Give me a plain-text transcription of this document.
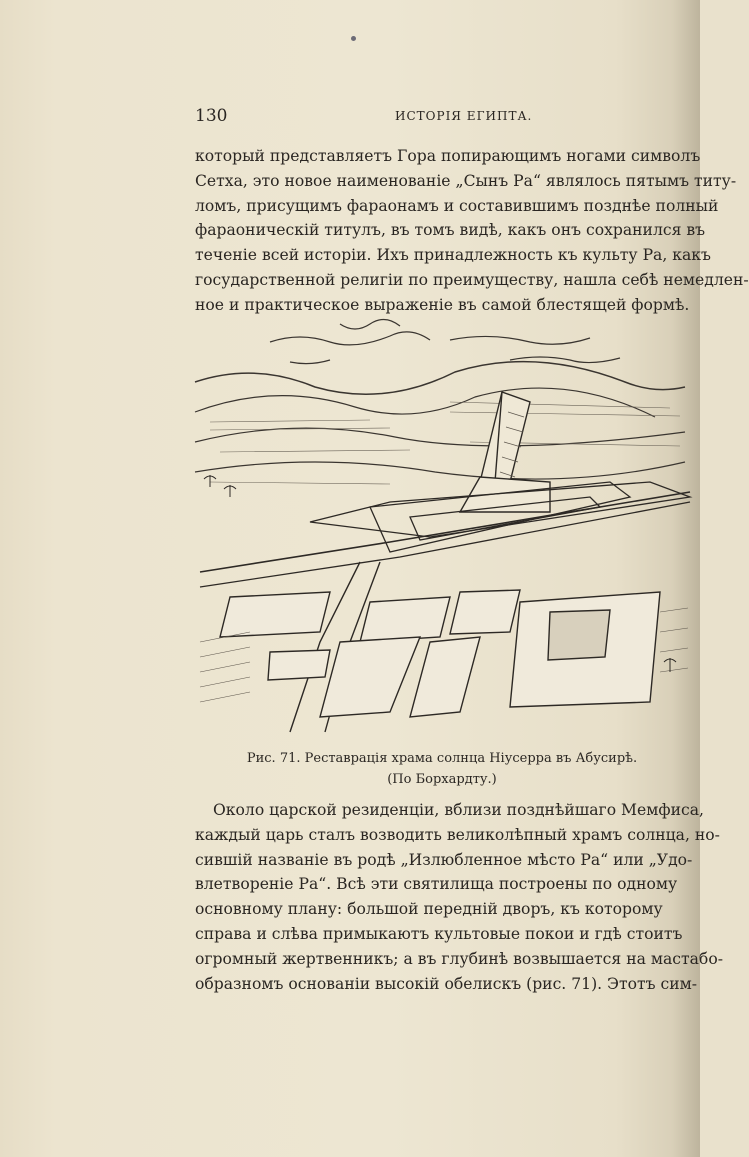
130	ИСТОРІЯ ЕГИПТА.

который представляетъ Гора попирающимъ ногами символъ
Сетха, это новое наименованіе „Сынъ Ра“ являлось пятымъ титу-
ломъ, присущимъ фараонамъ и составившимъ позднѣе полный
фараоническій титулъ, въ томъ видѣ, какъ онъ сохранился въ
теченіе всей исторіи. Ихъ принадлежность къ культу Ра, какъ
государственной религіи по преимуществу, нашла себѣ немедлен-
ное и практическое выраженіе въ самой блестящей формѣ.

Рис. 71. Реставрація храма солнца Ніусерра въ Абусирѣ.
(По Борхардту.)

Около царской резиденціи, вблизи позднѣйшаго Мемфиса,
каждый царь сталъ возводить великолѣпный храмъ солнца, но-
сившій названіе въ родѣ „Излюбленное мѣсто Ра“ или „Удо-
влетвореніе Ра“. Всѣ эти святилища построены по одному
основному плану: большой передній дворъ, къ которому
справа и слѣва примыкаютъ культовые покои и гдѣ стоитъ
огромный жертвенникъ; а въ глубинѣ возвышается на мастабо-
образномъ основаніи высокій обелискъ (рис. 71). Этотъ сим-
